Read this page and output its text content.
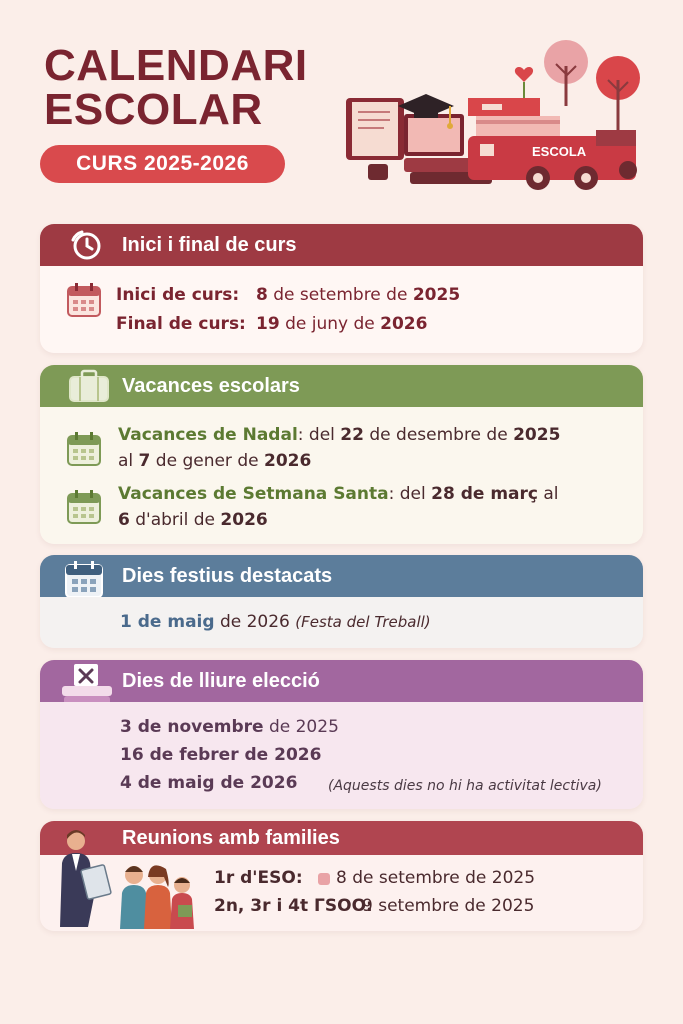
CALENDARI
ESCOLAR
CURS 2025-2026
ESCOLA
Inici i final de curs
Inici de curs: 8 de setembre de 2025
Final de curs: 19 de juny de 2026
Vacances escolars
Vacances de Nadal: del 22 de desembre de 2025
al 7 de gener de 2026
Vacances de Setmana Santa: del 28 de març al
6 d'abril de 2026
Dies festius destacats
1 de maig de 2026 (Festa del Treball)
Dies de lliure elecció
3 de novembre de 2025
16 de febrer de 2026
4 de maig de 2026 (Aquests dies no hi ha activitat lectiva)
Reunions amb families
1r d'ESO: 8 de setembre de 2025
2n, 3r i 4t ГSOO:
9 setembre de 2025
